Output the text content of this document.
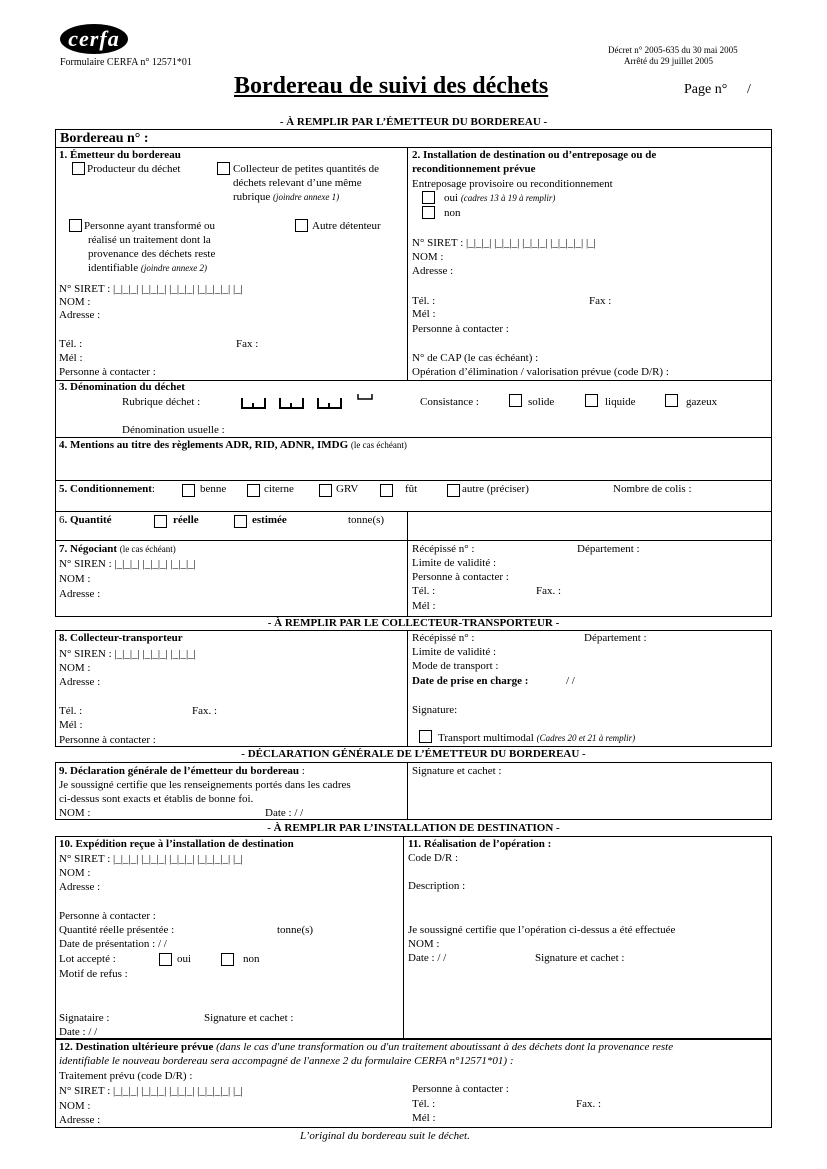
cerfa	Décret n° 2005-635 du 30 mai 2005
Arrêté du 29 juillet 2005
Formulaire CERFA n° 12571*01
Bordereau de suivi des déchets	Page n° /
- À REMPLIR PAR L’ÉMETTEUR DU BORDEREAU -
Bordereau n° :
1. Émetteur du bordereau
Producteur du déchet	Collecteur de petites quantités de
déchets relevant d’une même
rubrique (joindre annexe 1)
Personne ayant transformé ou
réalisé un traitement dont la
provenance des déchets reste
identifiable (joindre annexe 2)
Autre détenteur
N° SIRET : |_|_|_| |_|_|_| |_|_|_| |_|_|_|_| |_|
NOM :
Adresse :
Tél. :	Fax :
Mél :
Personne à contacter :
2. Installation de destination ou d’entreposage ou de
reconditionnement prévue
Entreposage provisoire ou reconditionnement
oui (cadres 13 à 19 à remplir)
non
N° SIRET : |_|_|_| |_|_|_| |_|_|_| |_|_|_|_| |_|
NOM :
Adresse :
Tél. :	Fax :
Mél :
Personne à contacter :
N° de CAP (le cas échéant) :
Opération d’élimination / valorisation prévue (code D/R) :
3. Dénomination du déchet
Rubrique déchet :	Consistance :	solide	liquide	gazeux
Dénomination usuelle :
4. Mentions au titre des règlements ADR, RID, ADNR, IMDG (le cas échéant)
5. Conditionnement:	benne	citerne	GRV	fût	autre (préciser)	Nombre de colis :
6. Quantité	réelle	estimée	tonne(s)
7. Négociant (le cas échéant)
N° SIREN : |_|_|_| |_|_|_| |_|_|_|
NOM :
Adresse :
Récépissé n° :	Département :
Limite de validité :
Personne à contacter :
Tél. :	Fax. :
Mél :
- À REMPLIR PAR LE COLLECTEUR-TRANSPORTEUR -
8. Collecteur-transporteur
N° SIREN : |_|_|_| |_|_|_| |_|_|_|
NOM :
Adresse :
Tél. :	Fax. :
Mél :
Personne à contacter :
Récépissé n° :	Département :
Limite de validité :
Mode de transport :
Date de prise en charge :	/ /
Signature:
Transport multimodal (Cadres 20 et 21 à remplir)
- DÉCLARATION GÉNÉRALE DE L’ÉMETTEUR DU BORDEREAU -
9. Déclaration générale de l’émetteur du bordereau :
Je soussigné certifie que les renseignements portés dans les cadres
ci-dessus sont exacts et établis de bonne foi.
NOM :	Date : / /
Signature et cachet :
- À REMPLIR PAR L’INSTALLATION DE DESTINATION -
10. Expédition reçue à l’installation de destination
N° SIRET : |_|_|_| |_|_|_| |_|_|_| |_|_|_|_| |_|
NOM :
Adresse :
Personne à contacter :
Quantité réelle présentée :	tonne(s)
Date de présentation : / /
Lot accepté :	oui	non
Motif de refus :
Signataire :	Signature et cachet :
Date : / /
11. Réalisation de l’opération :
Code D/R :
Description :
Je soussigné certifie que l’opération ci-dessus a été effectuée
NOM :
Date : / /	Signature et cachet :
12. Destination ultérieure prévue (dans le cas d'une transformation ou d'un traitement aboutissant à des déchets dont la provenance reste
identifiable le nouveau bordereau sera accompagné de l'annexe 2 du formulaire CERFA n°12571*01) :
Traitement prévu (code D/R) :
N° SIRET : |_|_|_| |_|_|_| |_|_|_| |_|_|_|_| |_|
NOM :
Adresse :
Personne à contacter :
Tél. :	Fax. :
Mél :
L’original du bordereau suit le déchet.
